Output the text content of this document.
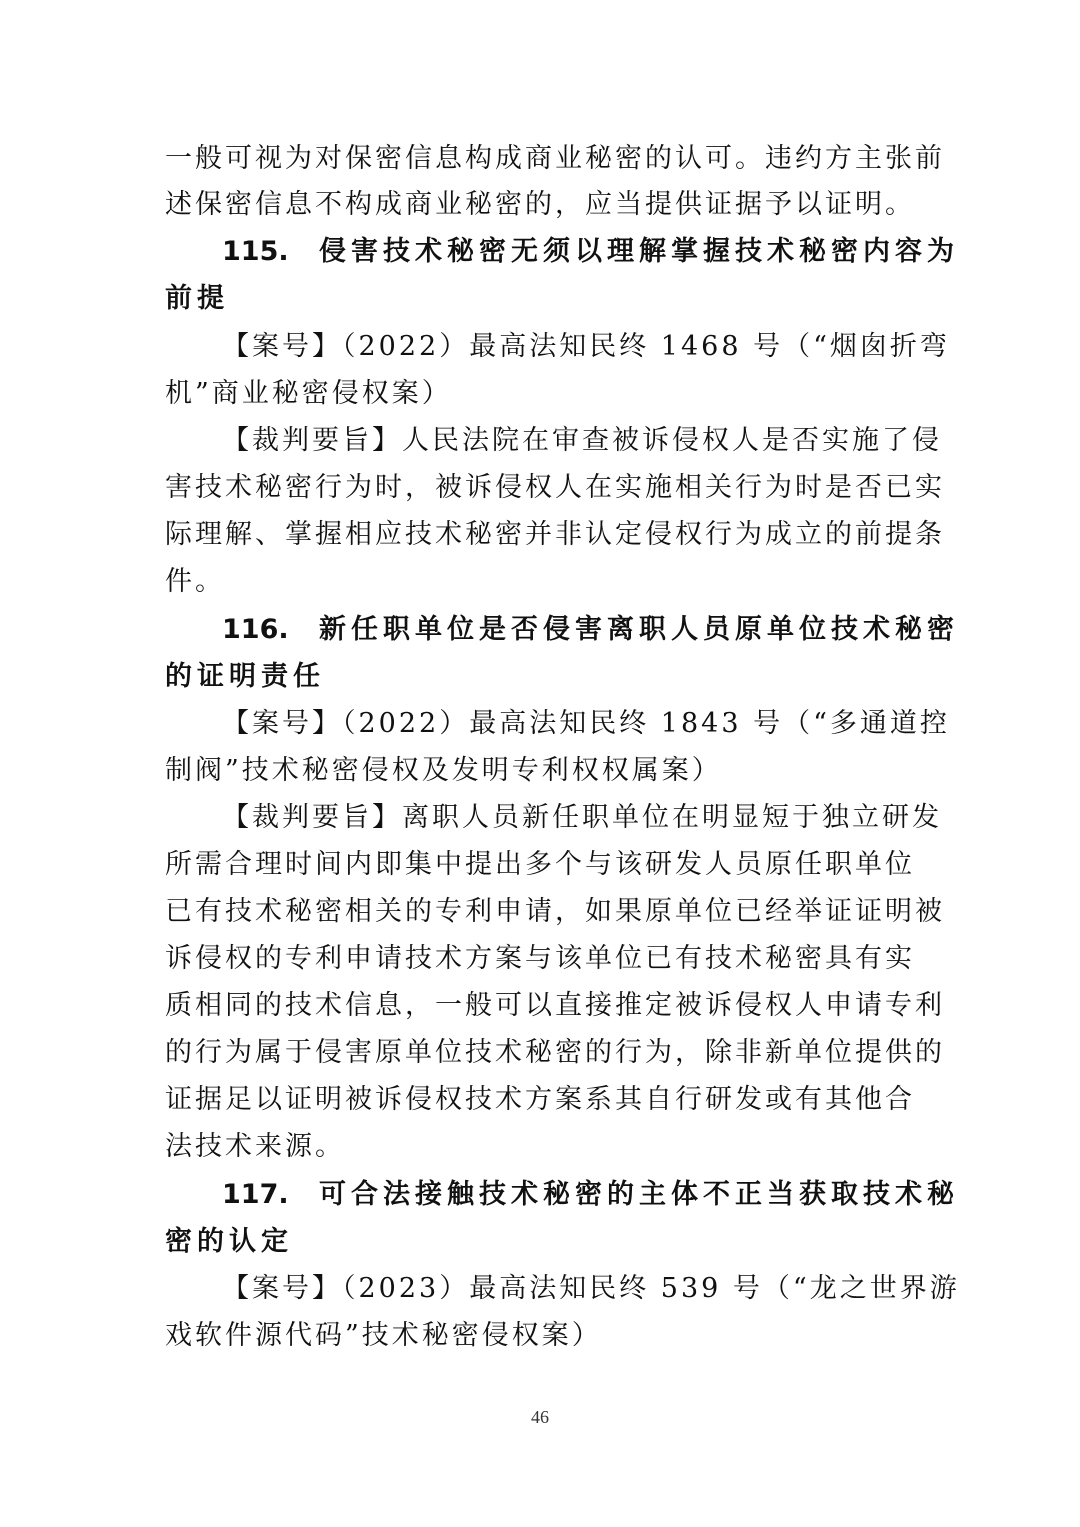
一般可视为对保密信息构成商业秘密的认可。违约方主张前
述保密信息不构成商业秘密的，应当提供证据予以证明。
115. 侵害技术秘密无须以理解掌握技术秘密内容为
前提
【案号】（2022）最高法知民终 1468 号（“烟囱折弯
机”商业秘密侵权案）
【裁判要旨】人民法院在审查被诉侵权人是否实施了侵
害技术秘密行为时，被诉侵权人在实施相关行为时是否已实
际理解、掌握相应技术秘密并非认定侵权行为成立的前提条
件。
116. 新任职单位是否侵害离职人员原单位技术秘密
的证明责任
【案号】（2022）最高法知民终 1843 号（“多通道控
制阀”技术秘密侵权及发明专利权权属案）
【裁判要旨】离职人员新任职单位在明显短于独立研发
所需合理时间内即集中提出多个与该研发人员原任职单位
已有技术秘密相关的专利申请，如果原单位已经举证证明被
诉侵权的专利申请技术方案与该单位已有技术秘密具有实
质相同的技术信息，一般可以直接推定被诉侵权人申请专利
的行为属于侵害原单位技术秘密的行为，除非新单位提供的
证据足以证明被诉侵权技术方案系其自行研发或有其他合
法技术来源。
117. 可合法接触技术秘密的主体不正当获取技术秘
密的认定
【案号】（2023）最高法知民终 539 号（“龙之世界游
戏软件源代码”技术秘密侵权案）
46
